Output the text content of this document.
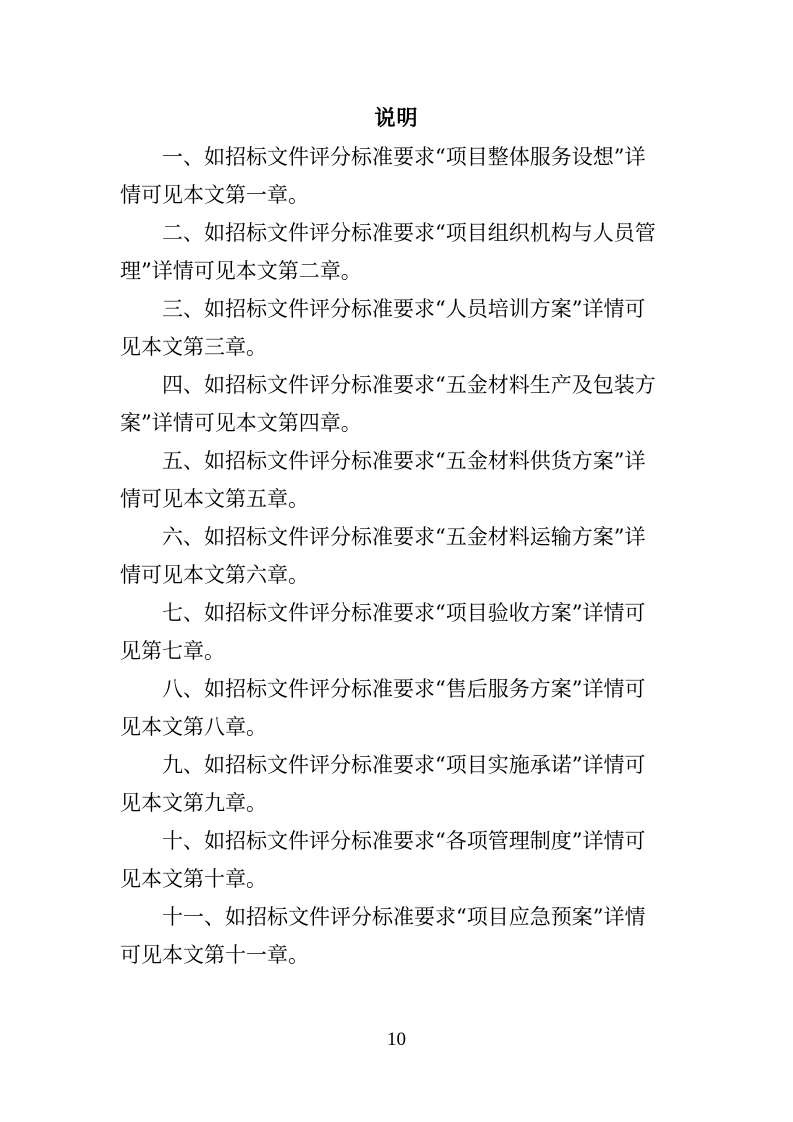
说明

一、如招标文件评分标准要求“项目整体服务设想”详
情可见本文第一章。

二、如招标文件评分标准要求“项目组织机构与人员管
理”详情可见本文第二章。

三、如招标文件评分标准要求“人员培训方案”详情可
见本文第三章。

四、如招标文件评分标准要求“五金材料生产及包装方
案”详情可见本文第四章。

五、如招标文件评分标准要求“五金材料供货方案”详
情可见本文第五章。

六、如招标文件评分标准要求“五金材料运输方案”详
情可见本文第六章。

七、如招标文件评分标准要求“项目验收方案”详情可
见第七章。

八、如招标文件评分标准要求“售后服务方案”详情可
见本文第八章。

九、如招标文件评分标准要求“项目实施承诺”详情可
见本文第九章。

十、如招标文件评分标准要求“各项管理制度”详情可
见本文第十章。

十一、如招标文件评分标准要求“项目应急预案”详情
可见本文第十一章。

10
